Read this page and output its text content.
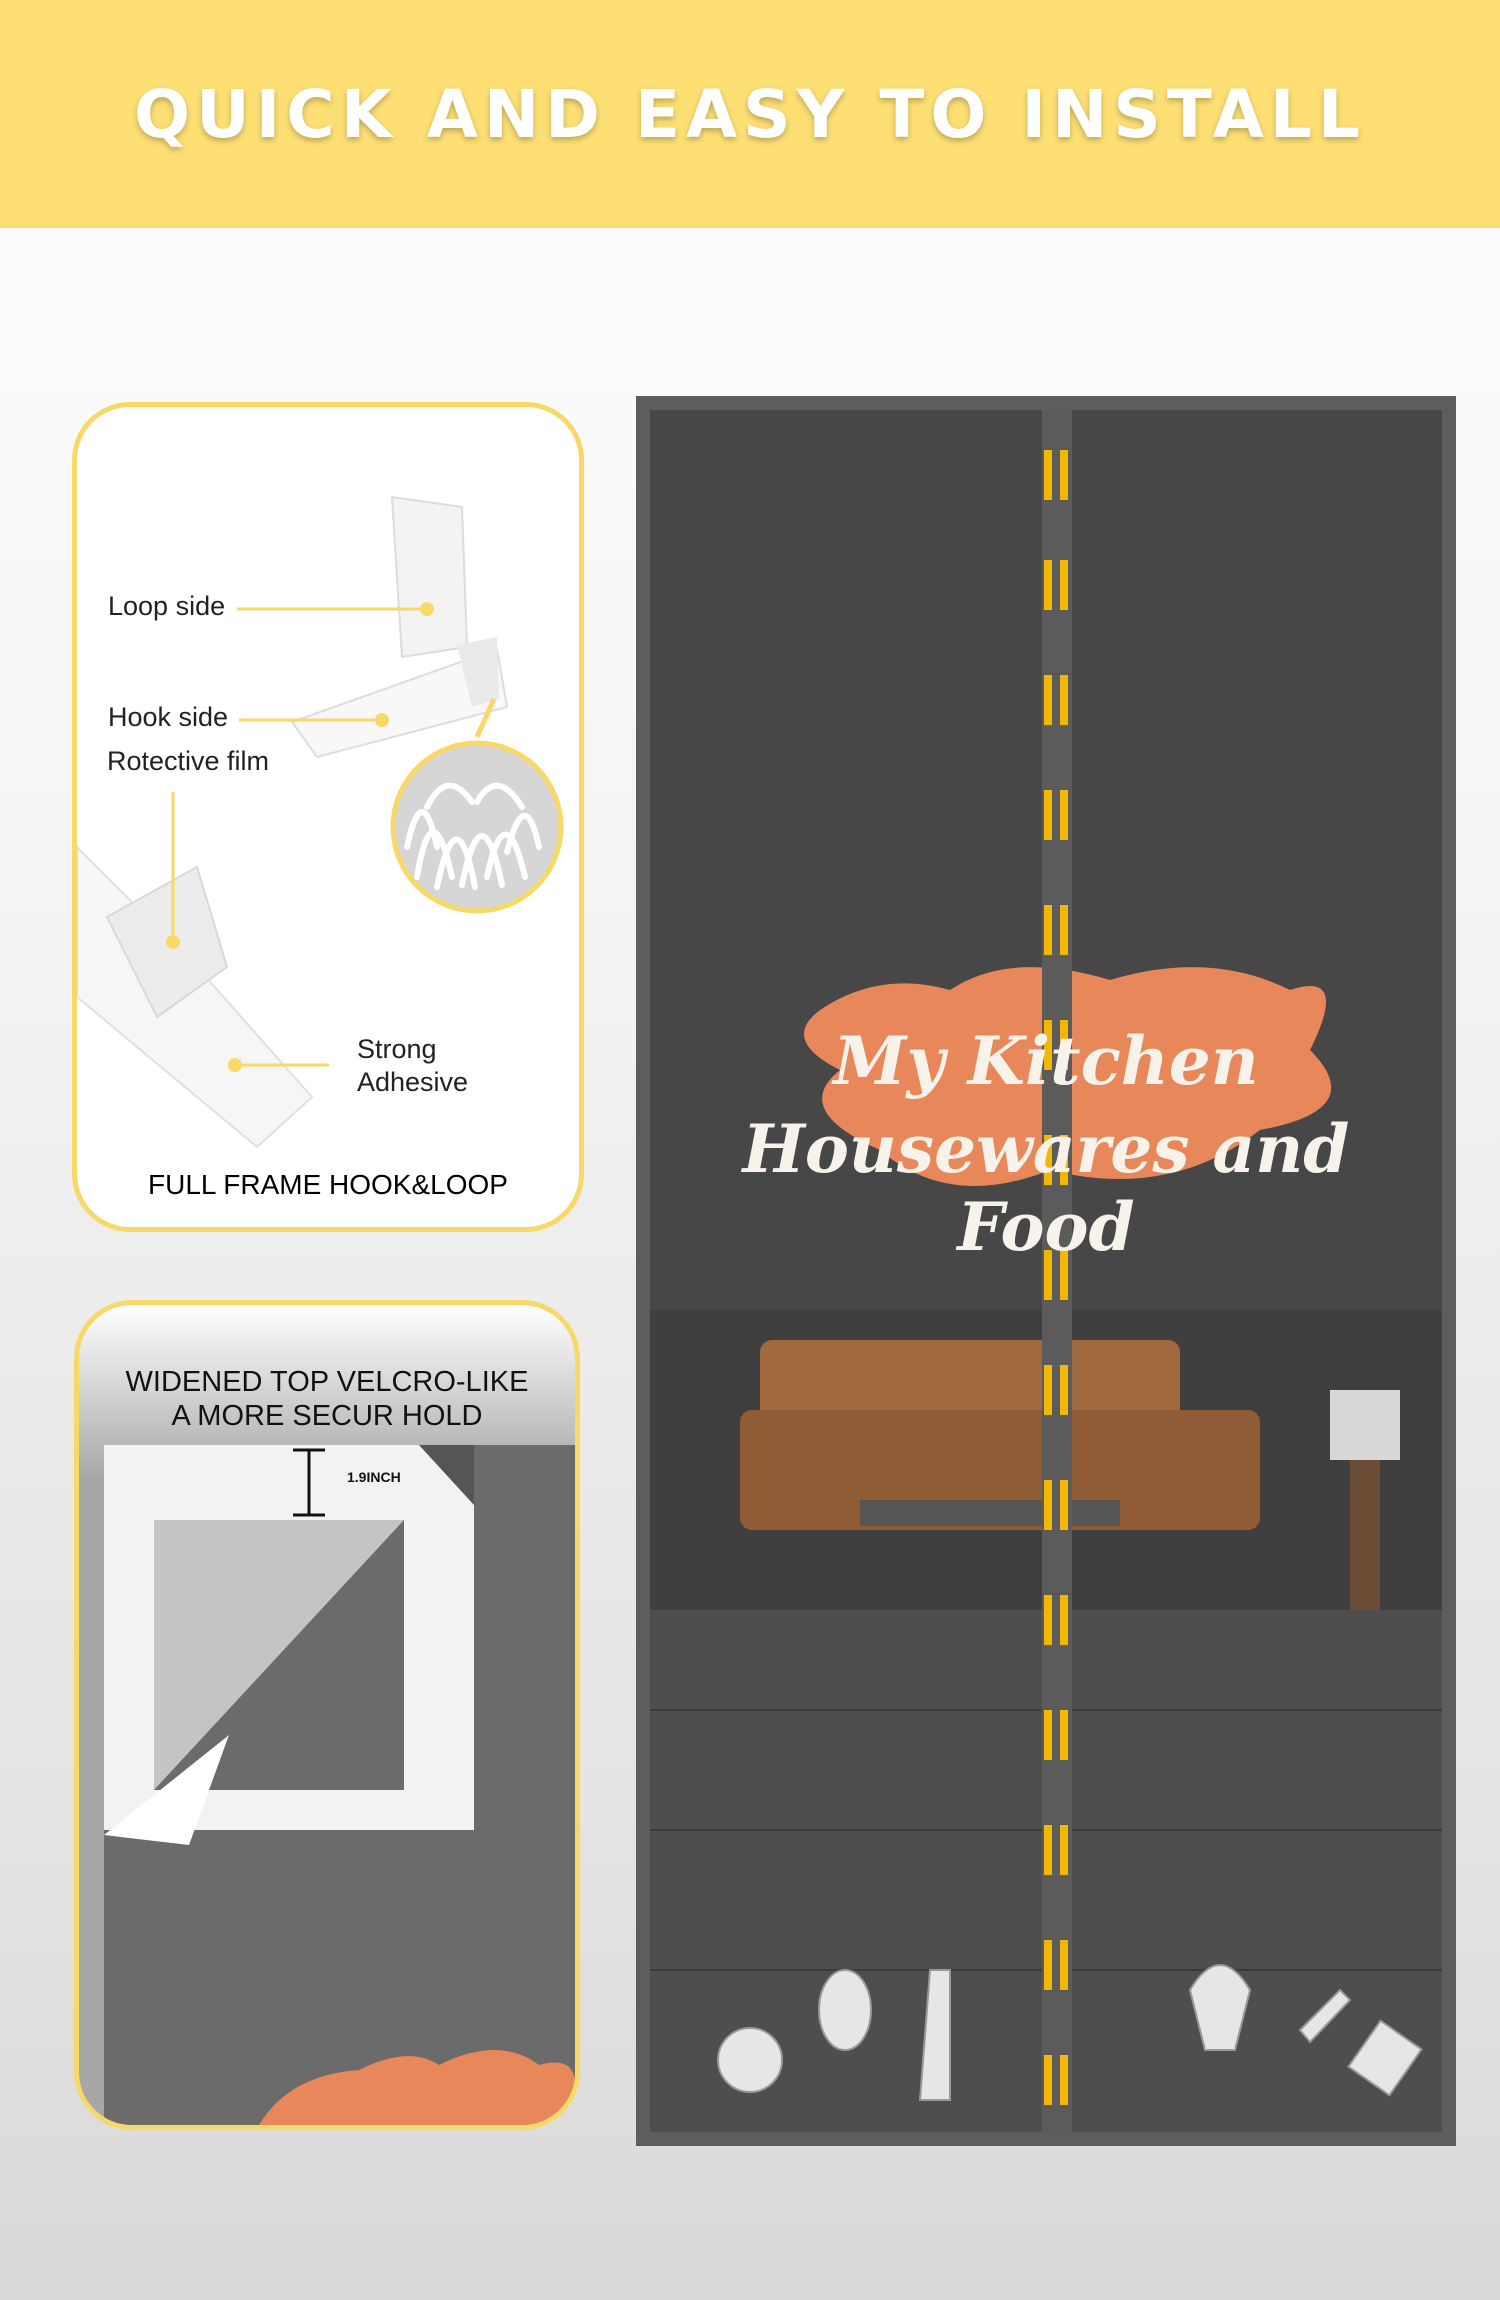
QUICK AND EASY TO INSTALL
Loop side
Hook side
Rotective film
Strong
Adhesive
FULL FRAME HOOK&LOOP
WIDENED TOP VELCRO-LIKE
A MORE SECUR HOLD
1.9INCH
My Kitchen
Housewares and Food
